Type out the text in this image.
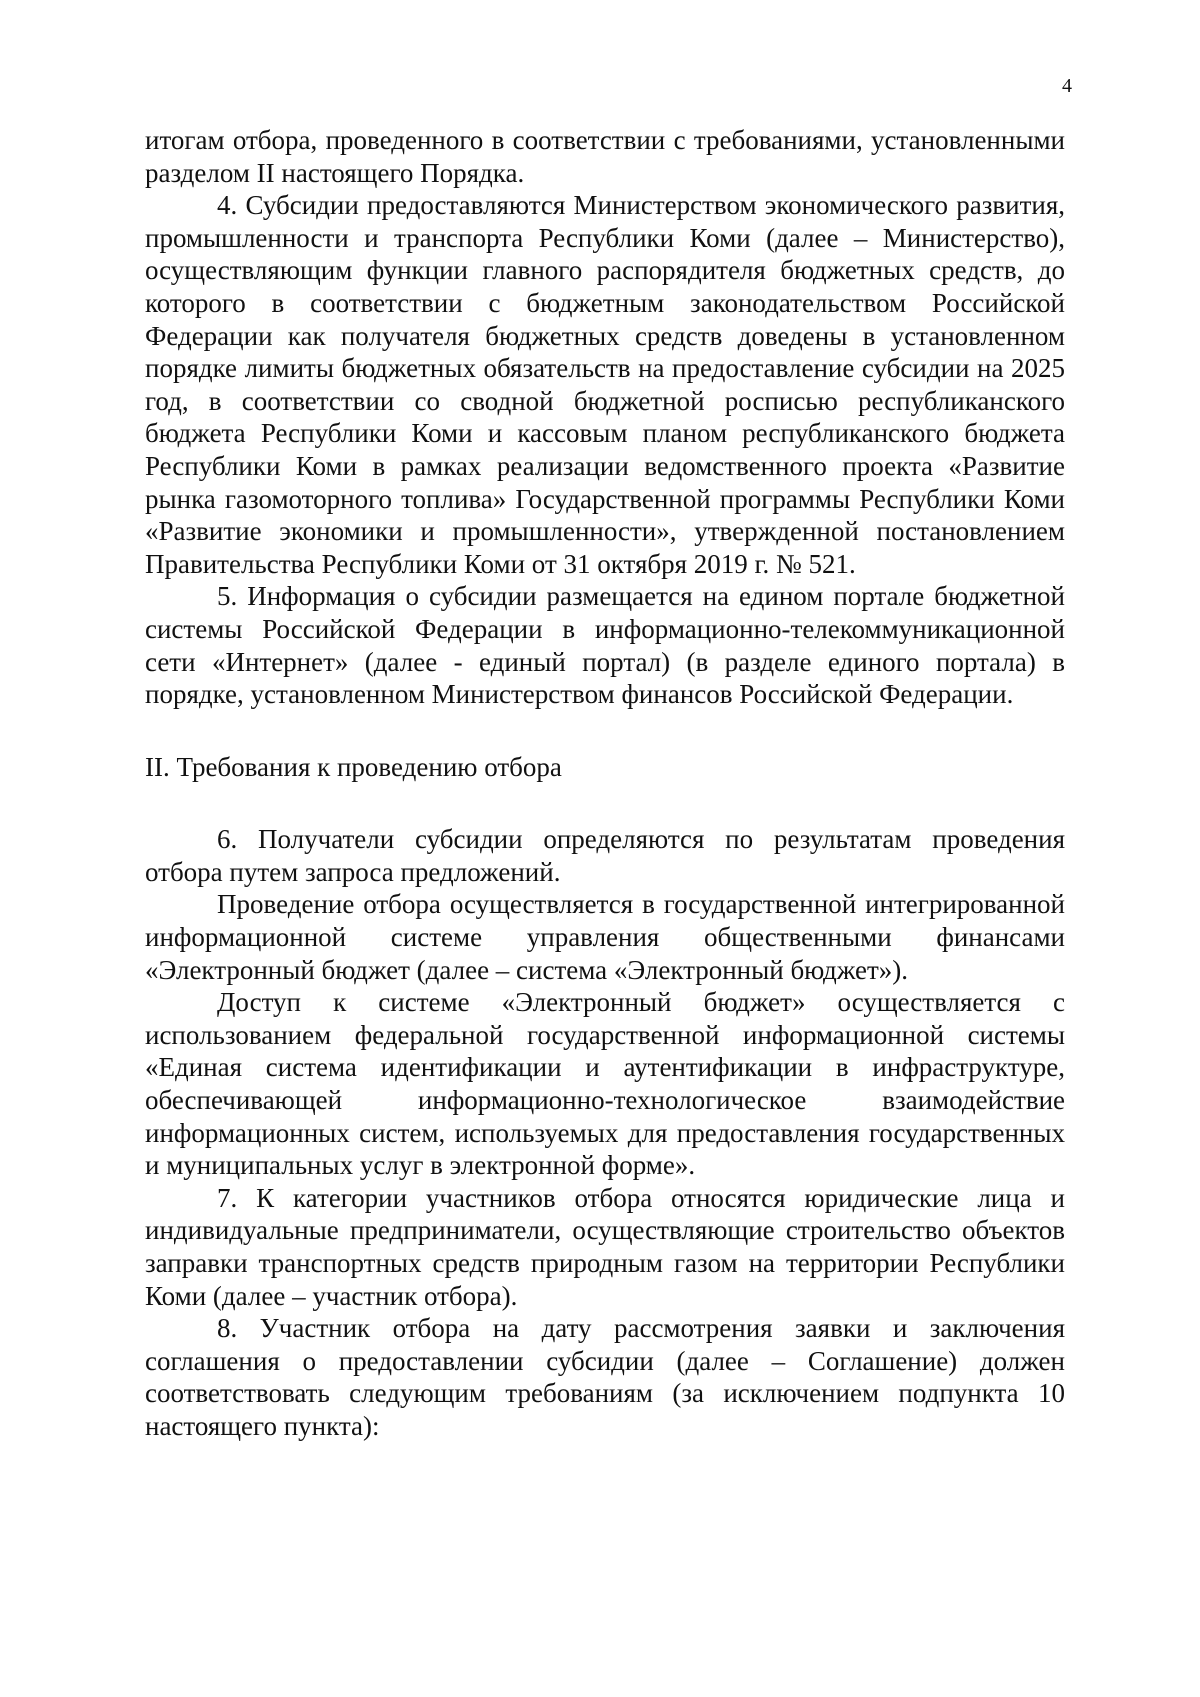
4

итогам отбора, проведенного в соответствии с требованиями, установленными разделом II настоящего Порядка.

4. Субсидии предоставляются Министерством экономического развития, промышленности и транспорта Республики Коми (далее – Министерство), осуществляющим функции главного распорядителя бюджетных средств, до которого в соответствии с бюджетным законодательством Российской Федерации как получателя бюджетных средств доведены в установленном порядке лимиты бюджетных обязательств на предоставление субсидии на 2025 год, в соответствии со сводной бюджетной росписью республиканского бюджета Республики Коми и кассовым планом республиканского бюджета Республики Коми в рамках реализации ведомственного проекта «Развитие рынка газомоторного топлива» Государственной программы Республики Коми «Развитие экономики и промышленности», утвержденной постановлением Правительства Республики Коми от 31 октября 2019 г. № 521.

5. Информация о субсидии размещается на едином портале бюджетной системы Российской Федерации в информационно-телекоммуникационной сети «Интернет» (далее - единый портал) (в разделе единого портала) в порядке, установленном Министерством финансов Российской Федерации.

II. Требования к проведению отбора

6. Получатели субсидии определяются по результатам проведения отбора путем запроса предложений.

Проведение отбора осуществляется в государственной интегрированной информационной системе управления общественными финансами «Электронный бюджет (далее – система «Электронный бюджет»).

Доступ к системе «Электронный бюджет» осуществляется с использованием федеральной государственной информационной системы «Единая система идентификации и аутентификации в инфраструктуре, обеспечивающей информационно-технологическое взаимодействие информационных систем, используемых для предоставления государственных и муниципальных услуг в электронной форме».

7. К категории участников отбора относятся юридические лица и индивидуальные предприниматели, осуществляющие строительство объектов заправки транспортных средств природным газом на территории Республики Коми (далее – участник отбора).

8. Участник отбора на дату рассмотрения заявки и заключения соглашения о предоставлении субсидии (далее – Соглашение) должен соответствовать следующим требованиям (за исключением подпункта 10 настоящего пункта):
